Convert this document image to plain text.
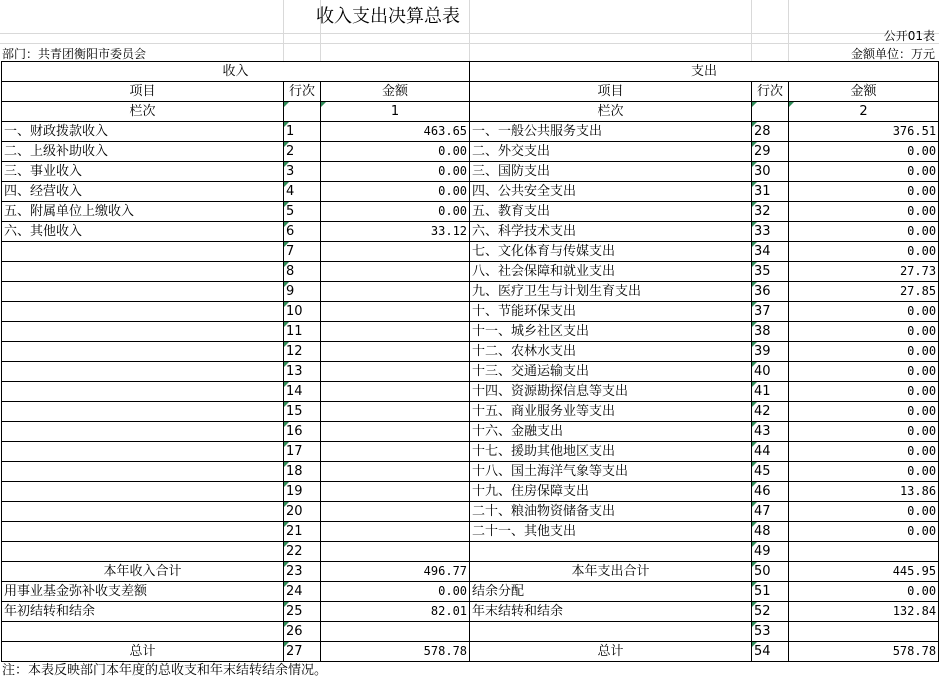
收入支出决算总表
公开01表
部门：共青团衡阳市委员会	金额单位：万元
收入			支出		
项目	行次	金额	项目	行次	金额
栏次		1	栏次		2
一、财政拨款收入	1	463.65	一、一般公共服务支出	28	376.51
二、上级补助收入	2	0.00	二、外交支出	29	0.00
三、事业收入	3	0.00	三、国防支出	30	0.00
四、经营收入	4	0.00	四、公共安全支出	31	0.00
五、附属单位上缴收入	5	0.00	五、教育支出	32	0.00
六、其他收入	6	33.12	六、科学技术支出	33	0.00
	7		七、文化体育与传媒支出	34	0.00
	8		八、社会保障和就业支出	35	27.73
	9		九、医疗卫生与计划生育支出	36	27.85
	10		十、节能环保支出	37	0.00
	11		十一、城乡社区支出	38	0.00
	12		十二、农林水支出	39	0.00
	13		十三、交通运输支出	40	0.00
	14		十四、资源勘探信息等支出	41	0.00
	15		十五、商业服务业等支出	42	0.00
	16		十六、金融支出	43	0.00
	17		十七、援助其他地区支出	44	0.00
	18		十八、国土海洋气象等支出	45	0.00
	19		十九、住房保障支出	46	13.86
	20		二十、粮油物资储备支出	47	0.00
	21		二十一、其他支出	48	0.00
	22			49	
本年收入合计	23	496.77	本年支出合计	50	445.95
用事业基金弥补收支差额	24	0.00	结余分配	51	0.00
年初结转和结余	25	82.01	年末结转和结余	52	132.84
	26			53	
总计	27	578.78	总计	54	578.78
注：本表反映部门本年度的总收支和年末结转结余情况。
